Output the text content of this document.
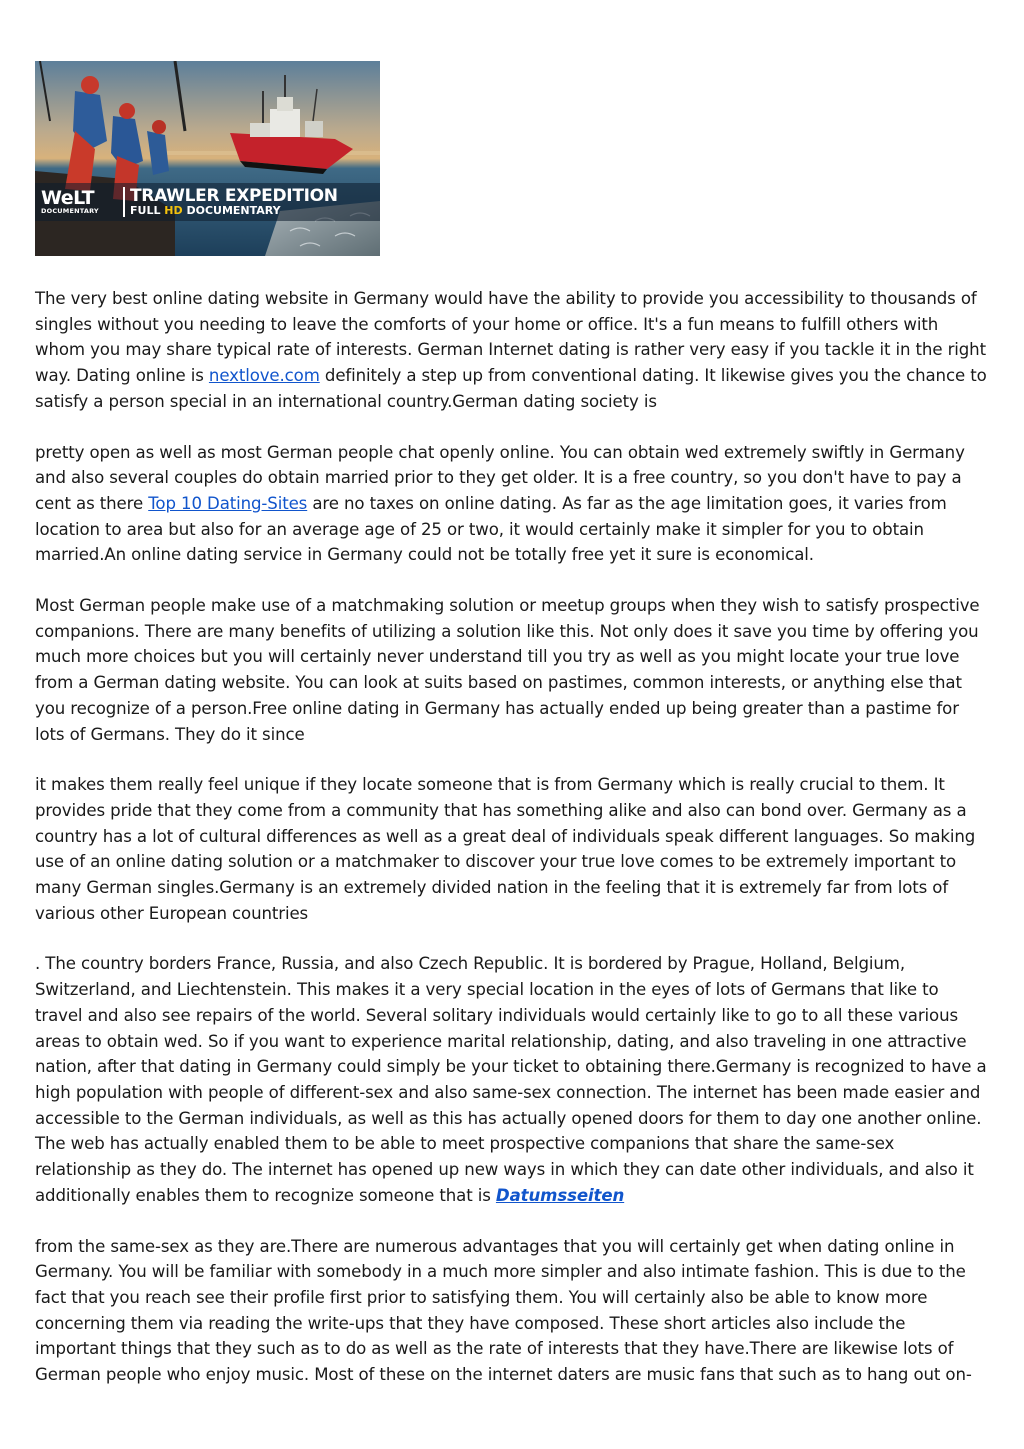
WeLT
DOCUMENTARY
TRAWLER EXPEDITION
FULL HD DOCUMENTARY

The very best online dating website in Germany would have the ability to provide you accessibility to thousands of singles without you needing to leave the comforts of your home or office. It's a fun means to fulfill others with whom you may share typical rate of interests. German Internet dating is rather very easy if you tackle it in the right way. Dating online is nextlove.com definitely a step up from conventional dating. It likewise gives you the chance to satisfy a person special in an international country.German dating society is

pretty open as well as most German people chat openly online. You can obtain wed extremely swiftly in Germany and also several couples do obtain married prior to they get older. It is a free country, so you don't have to pay a cent as there Top 10 Dating-Sites are no taxes on online dating. As far as the age limitation goes, it varies from location to area but also for an average age of 25 or two, it would certainly make it simpler for you to obtain married.An online dating service in Germany could not be totally free yet it sure is economical.

Most German people make use of a matchmaking solution or meetup groups when they wish to satisfy prospective companions. There are many benefits of utilizing a solution like this. Not only does it save you time by offering you much more choices but you will certainly never understand till you try as well as you might locate your true love from a German dating website. You can look at suits based on pastimes, common interests, or anything else that you recognize of a person.Free online dating in Germany has actually ended up being greater than a pastime for lots of Germans. They do it since

it makes them really feel unique if they locate someone that is from Germany which is really crucial to them. It provides pride that they come from a community that has something alike and also can bond over. Germany as a country has a lot of cultural differences as well as a great deal of individuals speak different languages. So making use of an online dating solution or a matchmaker to discover your true love comes to be extremely important to many German singles.Germany is an extremely divided nation in the feeling that it is extremely far from lots of various other European countries

. The country borders France, Russia, and also Czech Republic. It is bordered by Prague, Holland, Belgium, Switzerland, and Liechtenstein. This makes it a very special location in the eyes of lots of Germans that like to travel and also see repairs of the world. Several solitary individuals would certainly like to go to all these various areas to obtain wed. So if you want to experience marital relationship, dating, and also traveling in one attractive nation, after that dating in Germany could simply be your ticket to obtaining there.Germany is recognized to have a high population with people of different-sex and also same-sex connection. The internet has been made easier and accessible to the German individuals, as well as this has actually opened doors for them to day one another online. The web has actually enabled them to be able to meet prospective companions that share the same-sex relationship as they do. The internet has opened up new ways in which they can date other individuals, and also it additionally enables them to recognize someone that is Datumsseiten

from the same-sex as they are.There are numerous advantages that you will certainly get when dating online in Germany. You will be familiar with somebody in a much more simpler and also intimate fashion. This is due to the fact that you reach see their profile first prior to satisfying them. You will certainly also be able to know more concerning them via reading the write-ups that they have composed. These short articles also include the important things that they such as to do as well as the rate of interests that they have.There are likewise lots of German people who enjoy music. Most of these on the internet daters are music fans that such as to hang out on-
